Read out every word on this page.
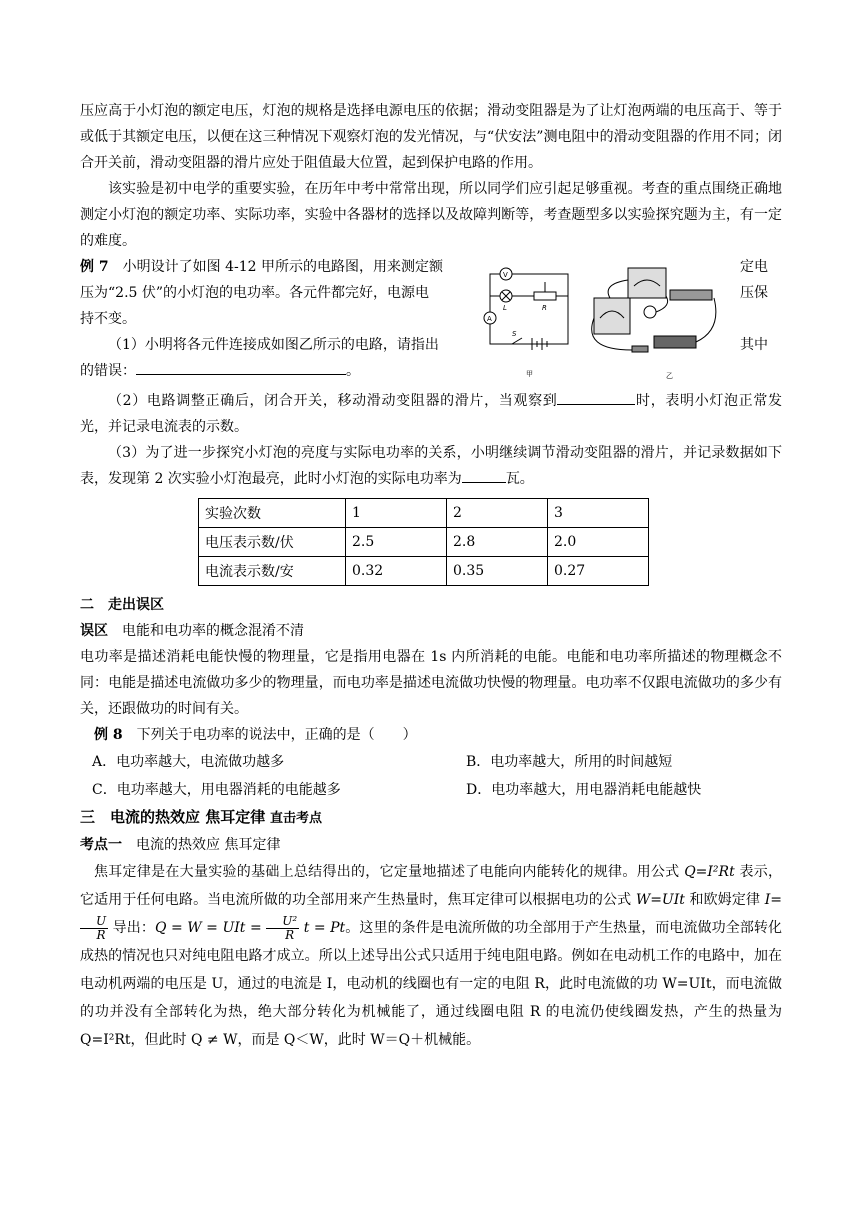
压应高于小灯泡的额定电压，灯泡的规格是选择电源电压的依据；滑动变阻器是为了让灯泡两端的电压高于、等于或低于其额定电压，以便在这三种情况下观察灯泡的发光情况，与“伏安法”测电阻中的滑动变阻器的作用不同；闭合开关前，滑动变阻器的滑片应处于阻值最大位置，起到保护电路的作用。

该实验是初中电学的重要实验，在历年中考中常常出现，所以同学们应引起足够重视。考查的重点围绕正确地测定小灯泡的额定功率、实际功率，实验中各器材的选择以及故障判断等，考查题型多以实验探究题为主，有一定的难度。

例 7　 小明设计了如图 4-12 甲所示的电路图，用来测定额

压为“2.5 伏”的小灯泡的电功率。各元件都完好，电源电

持不变。

（1）小明将各元件连接成如图乙所示的电路，请指出

的错误：	。

定电

压保

其中

V
A
L	R
S
甲	乙

（2）电路调整正确后，闭合开关，移动滑动变阻器的滑片，当观察到	时，表明小灯泡正常发光，并记录电流表的示数。

（3）为了进一步探究小灯泡的亮度与实际电功率的关系，小明继续调节滑动变阻器的滑片，并记录数据如下表，发现第 2 次实验小灯泡最亮，此时小灯泡的实际电功率为	瓦。

实验次数	1	2	3
电压表示数/伏	2.5	2.8	2.0
电流表示数/安	0.32	0.35	0.27

二　走出误区

误区　 电能和电功率的概念混淆不清

电功率是描述消耗电能快慢的物理量，它是指用电器在 1s 内所消耗的电能。电能和电功率所描述的物理概念不同：电能是描述电流做功多少的物理量，而电功率是描述电流做功快慢的物理量。电功率不仅跟电流做功的多少有关，还跟做功的时间有关。

例 8　 下列关于电功率的说法中，正确的是（　　）

A．电功率越大，电流做功越多	B．电功率越大，所用的时间越短
C．电功率越大，用电器消耗的电能越多	D．电功率越大，用电器消耗电能越快

三　电流的热效应 焦耳定律 直击考点

考点一　 电流的热效应 焦耳定律

焦耳定律是在大量实验的基础上总结得出的，它定量地描述了电能向内能转化的规律。用公式 Q=I²Rt 表示，它适用于任何电路。当电流所做的功全部用来产生热量时，焦耳定律可以根据电功的公式 W=UIt 和欧姆定律 I=
$\frac{U}{R}$ 导出：Q = W = UIt = $\frac{\text{U²}}{R}$ t = Pt。这里的条件是电流所做的功全部用于产生热量，而电流做功全部转化成热的情况也只对纯电阻电路才成立。所以上述导出公式只适用于纯电阻电路。例如在电动机工作的电路中，加在电动机两端的电压是 U，通过的电流是 I，电动机的线圈也有一定的电阻 R，此时电流做的功 W=UIt，而电流做的功并没有全部转化为热，绝大部分转化为机械能了，通过线圈电阻 R 的电流仍使线圈发热，产生的热量为 Q=I²Rt，但此时 Q ≠ W，而是 Q＜W，此时 W＝Q＋机械能。
